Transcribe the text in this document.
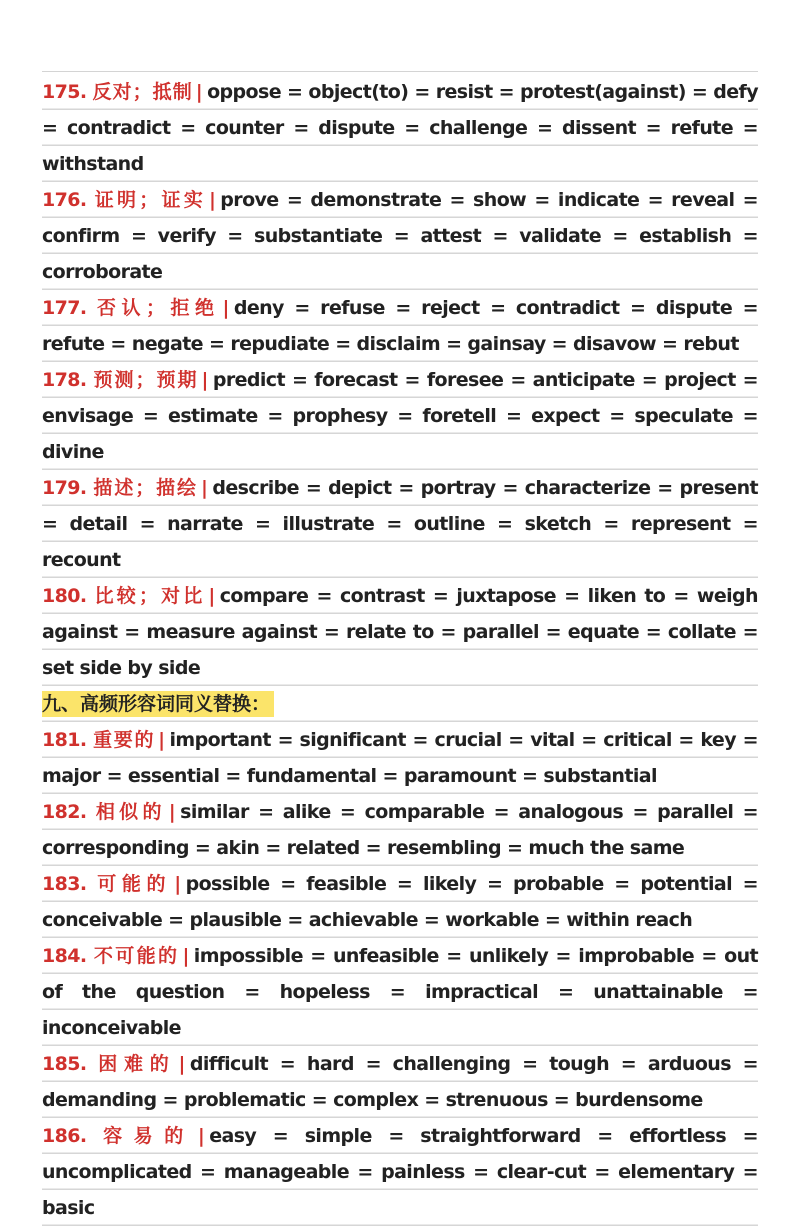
175. 反对；抵制 | oppose = object(to) = resist = protest(against) = defy = contradict = counter = dispute = challenge = dissent = refute = withstand
176. 证明；证实 | prove = demonstrate = show = indicate = reveal = confirm = verify = substantiate = attest = validate = establish = corroborate
177. 否认；拒绝 | deny = refuse = reject = contradict = dispute = refute = negate = repudiate = disclaim = gainsay = disavow = rebut
178. 预测；预期 | predict = forecast = foresee = anticipate = project = envisage = estimate = prophesy = foretell = expect = speculate = divine
179. 描述；描绘 | describe = depict = portray = characterize = present = detail = narrate = illustrate = outline = sketch = represent = recount
180. 比较；对比 | compare = contrast = juxtapose = liken to = weigh against = measure against = relate to = parallel = equate = collate = set side by side
九、高频形容词同义替换：
181. 重要的 | important = significant = crucial = vital = critical = key = major = essential = fundamental = paramount = substantial
182. 相似的 | similar = alike = comparable = analogous = parallel = corresponding = akin = related = resembling = much the same
183. 可能的 | possible = feasible = likely = probable = potential = conceivable = plausible = achievable = workable = within reach
184. 不可能的 | impossible = unfeasible = unlikely = improbable = out of the question = hopeless = impractical = unattainable = inconceivable
185. 困难的 | difficult = hard = challenging = tough = arduous = demanding = problematic = complex = strenuous = burdensome
186. 容易的 | easy = simple = straightforward = effortless = uncomplicated = manageable = painless = clear-cut = elementary = basic
